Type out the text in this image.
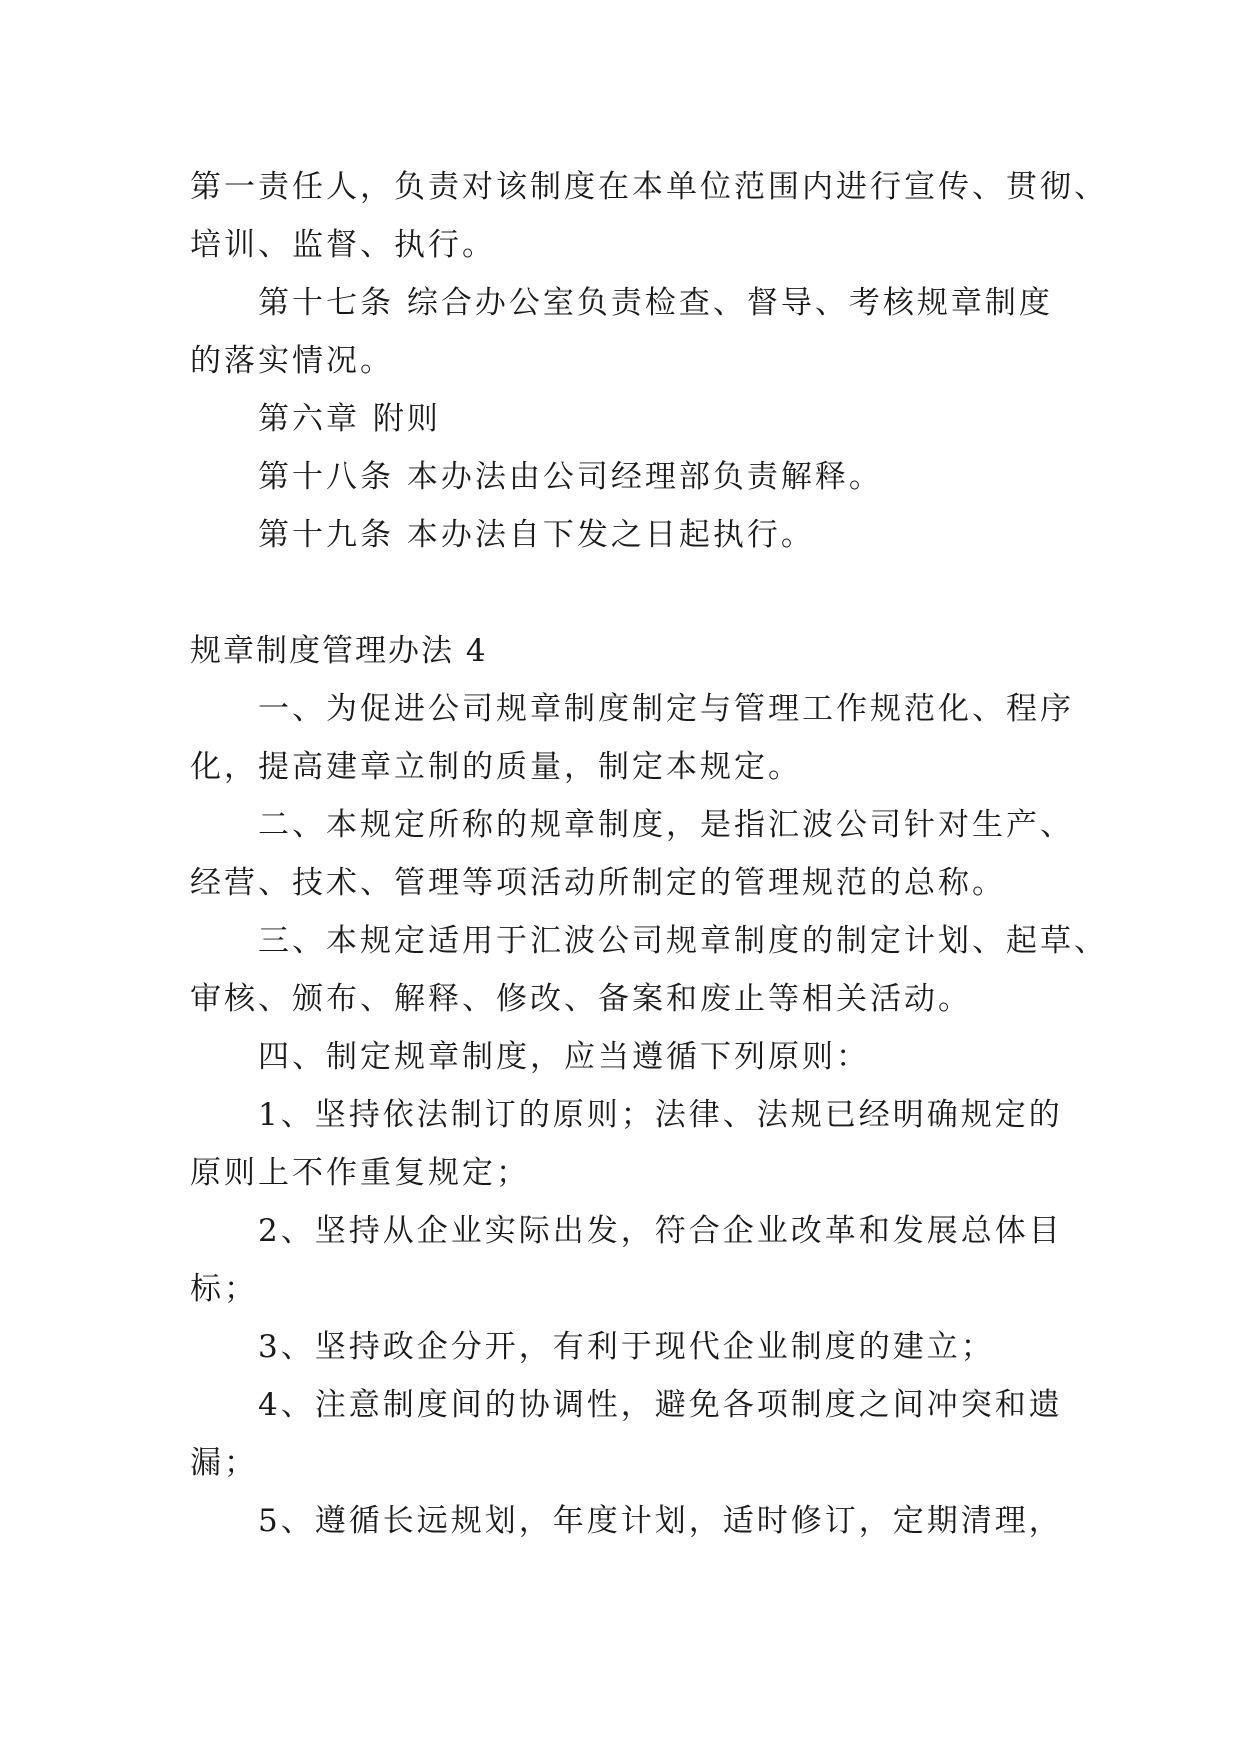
第一责任人，负责对该制度在本单位范围内进行宣传、贯彻、
培训、监督、执行。
第十七条 综合办公室负责检查、督导、考核规章制度
的落实情况。
第六章 附则
第十八条 本办法由公司经理部负责解释。
第十九条 本办法自下发之日起执行。
规章制度管理办法 4
一、为促进公司规章制度制定与管理工作规范化、程序
化，提高建章立制的质量，制定本规定。
二、本规定所称的规章制度，是指汇波公司针对生产、
经营、技术、管理等项活动所制定的管理规范的总称。
三、本规定适用于汇波公司规章制度的制定计划、起草、
审核、颁布、解释、修改、备案和废止等相关活动。
四、制定规章制度，应当遵循下列原则：
1、坚持依法制订的原则；法律、法规已经明确规定的
原则上不作重复规定；
2、坚持从企业实际出发，符合企业改革和发展总体目
标；
3、坚持政企分开，有利于现代企业制度的建立；
4、注意制度间的协调性，避免各项制度之间冲突和遗
漏；
5、遵循长远规划，年度计划，适时修订，定期清理，
